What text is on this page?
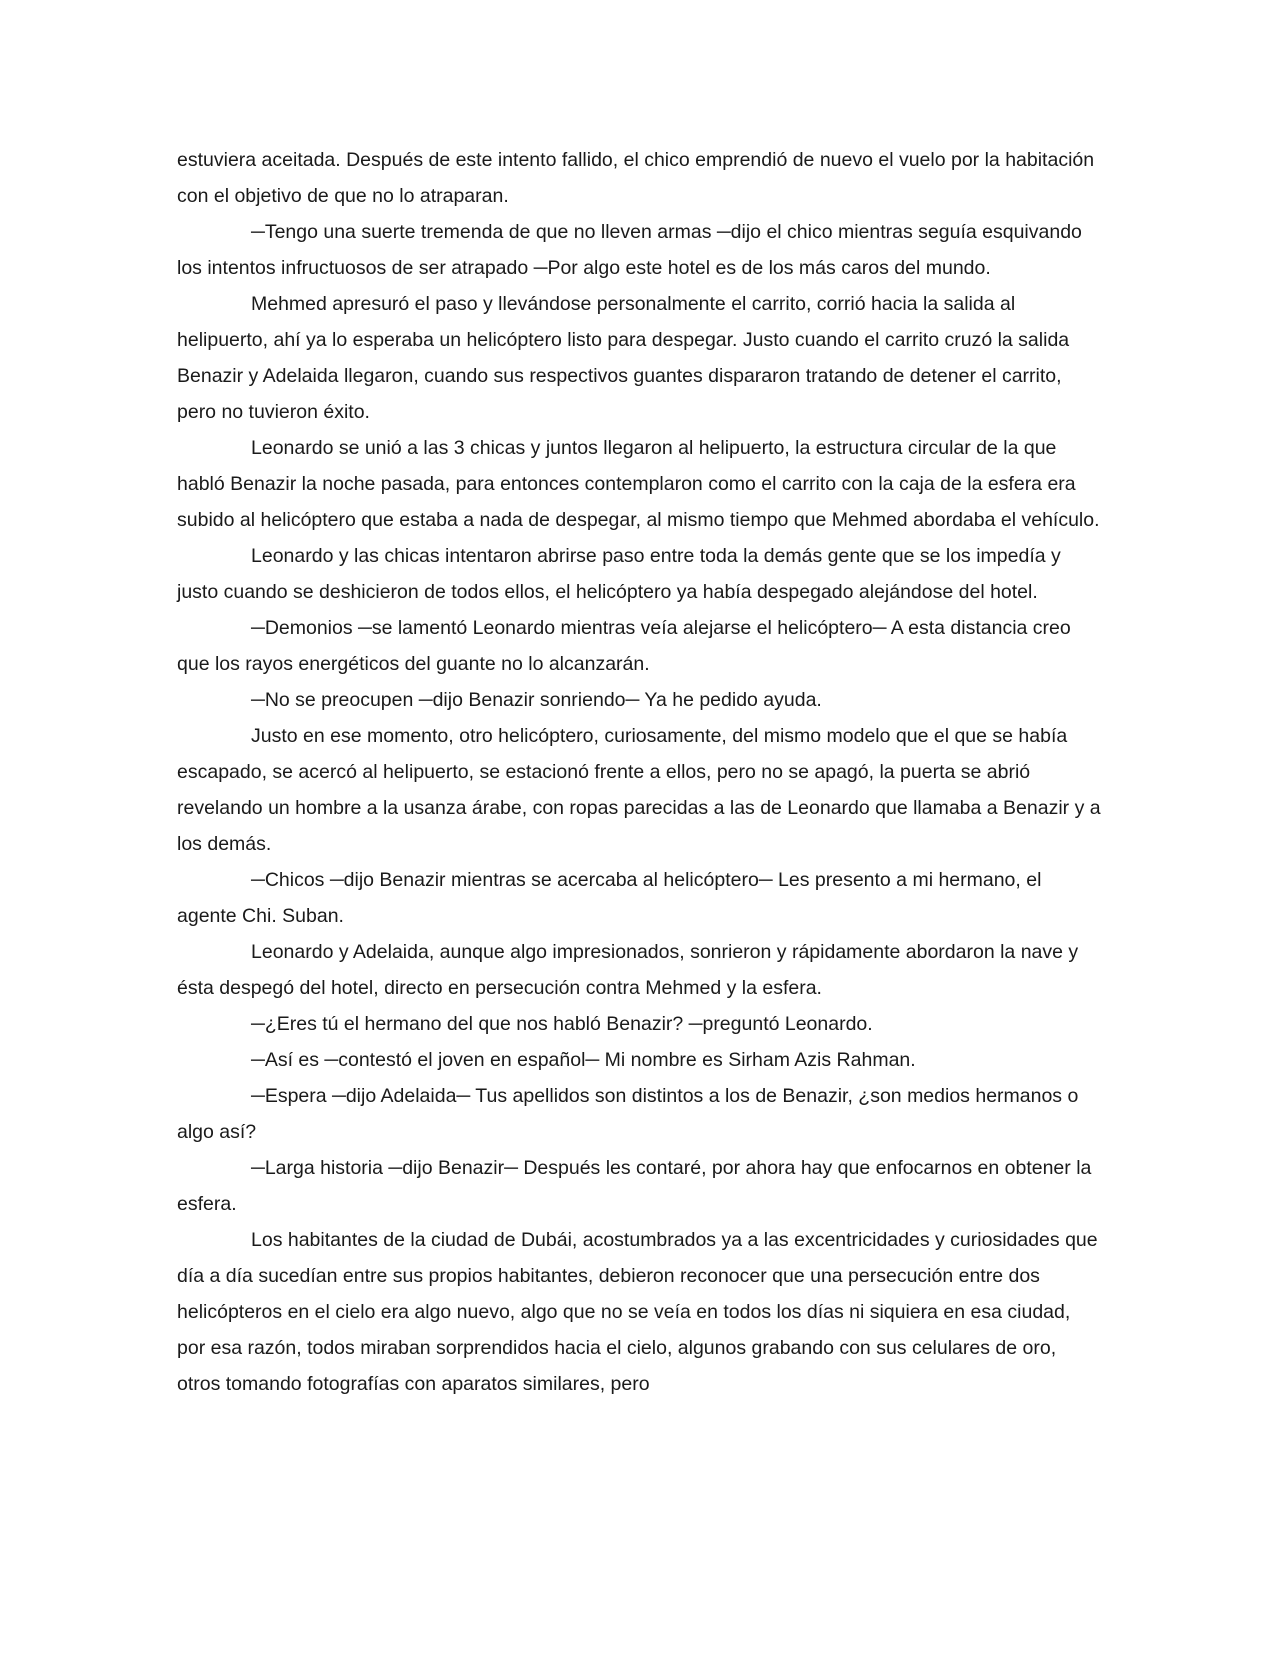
estuviera aceitada. Después de este intento fallido, el chico emprendió de nuevo el vuelo por la habitación con el objetivo de que no lo atraparan.

─Tengo una suerte tremenda de que no lleven armas ─dijo el chico mientras seguía esquivando los intentos infructuosos de ser atrapado ─Por algo este hotel es de los más caros del mundo.

Mehmed apresuró el paso y llevándose personalmente el carrito, corrió hacia la salida al helipuerto, ahí ya lo esperaba un helicóptero listo para despegar. Justo cuando el carrito cruzó la salida Benazir y Adelaida llegaron, cuando sus respectivos guantes dispararon tratando de detener el carrito, pero no tuvieron éxito.

Leonardo se unió a las 3 chicas y juntos llegaron al helipuerto, la estructura circular de la que habló Benazir la noche pasada, para entonces contemplaron como el carrito con la caja de la esfera era subido al helicóptero que estaba a nada de despegar, al mismo tiempo que Mehmed abordaba el vehículo.

Leonardo y las chicas intentaron abrirse paso entre toda la demás gente que se los impedía y justo cuando se deshicieron de todos ellos, el helicóptero ya había despegado alejándose del hotel.

─Demonios ─se lamentó Leonardo mientras veía alejarse el helicóptero─ A esta distancia creo que los rayos energéticos del guante no lo alcanzarán.

─No se preocupen ─dijo Benazir sonriendo─ Ya he pedido ayuda.

Justo en ese momento, otro helicóptero, curiosamente, del mismo modelo que el que se había escapado, se acercó al helipuerto, se estacionó frente a ellos, pero no se apagó, la puerta se abrió revelando un hombre a la usanza árabe, con ropas parecidas a las de Leonardo que llamaba a Benazir y a los demás.

─Chicos ─dijo Benazir mientras se acercaba al helicóptero─ Les presento a mi hermano, el agente Chi. Suban.

Leonardo y Adelaida, aunque algo impresionados, sonrieron y rápidamente abordaron la nave y ésta despegó del hotel, directo en persecución contra Mehmed y la esfera.

─¿Eres tú el hermano del que nos habló Benazir? ─preguntó Leonardo.

─Así es ─contestó el joven en español─ Mi nombre es Sirham Azis Rahman.

─Espera ─dijo Adelaida─ Tus apellidos son distintos a los de Benazir, ¿son medios hermanos o algo así?

─Larga historia ─dijo Benazir─ Después les contaré, por ahora hay que enfocarnos en obtener la esfera.

Los habitantes de la ciudad de Dubái, acostumbrados ya a las excentricidades y curiosidades que día a día sucedían entre sus propios habitantes, debieron reconocer que una persecución entre dos helicópteros en el cielo era algo nuevo, algo que no se veía en todos los días ni siquiera en esa ciudad, por esa razón, todos miraban sorprendidos hacia el cielo, algunos grabando con sus celulares de oro, otros tomando fotografías con aparatos similares, pero
